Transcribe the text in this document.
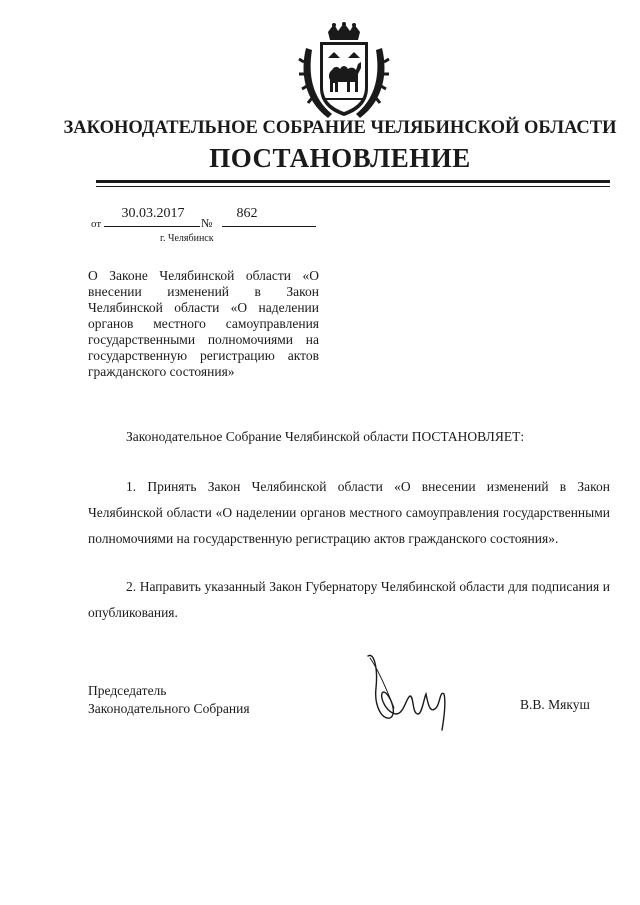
ЗАКОНОДАТЕЛЬНОЕ СОБРАНИЕ ЧЕЛЯБИНСКОЙ ОБЛАСТИ
ПОСТАНОВЛЕНИЕ
от
30.03.2017
№
862
г. Челябинск
О Законе Челябинской области «О внесении изменений в Закон Челябинской области «О наделении органов местного самоуправления государственными полномочиями на государственную регистрацию актов гражданского состояния»
Законодательное Собрание Челябинской области ПОСТАНОВЛЯЕТ:
1. Принять Закон Челябинской области «О внесении изменений в Закон Челябинской области «О наделении органов местного самоуправления государственными полномочиями на государственную регистрацию актов гражданского состояния».
2. Направить указанный Закон Губернатору Челябинской области для подписания и опубликования.
Председатель
Законодательного Собрания	В.В. Мякуш
